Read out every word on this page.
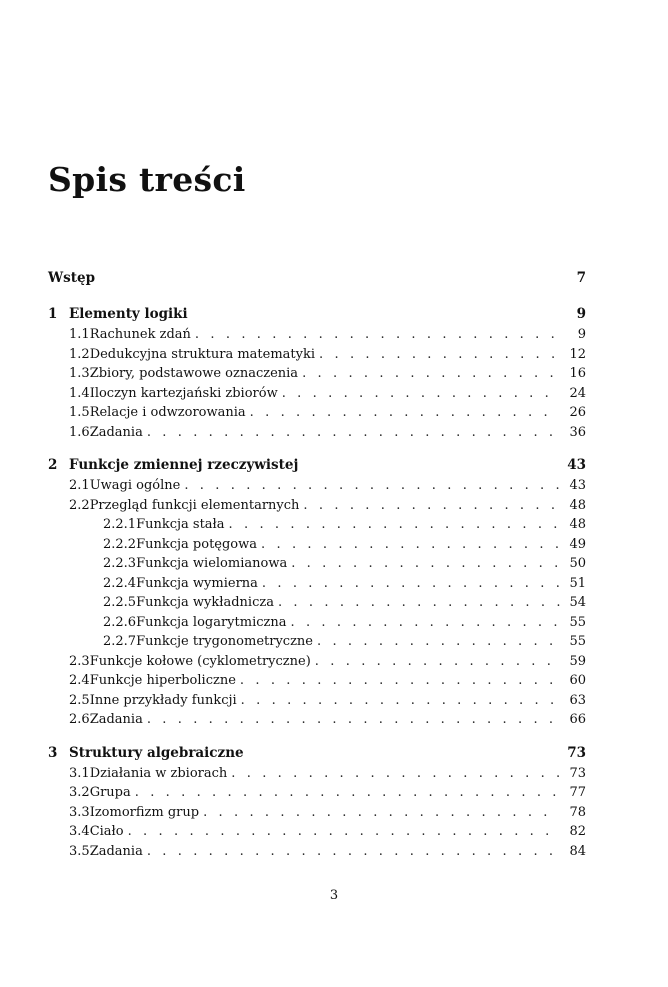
Spis treści
Wstęp	7
1 Elementy logiki	9
1.1 Rachunek zdań . . .	9
1.2 Dedukcyjna struktura matematyki . . .	12
1.3 Zbiory, podstawowe oznaczenia . . .	16
1.4 Iloczyn kartezjański zbiorów . . .	24
1.5 Relacje i odwzorowania . . .	26
1.6 Zadania . . .	36
2 Funkcje zmiennej rzeczywistej	43
2.1 Uwagi ogólne . . .	43
2.2 Przegląd funkcji elementarnych . . .	48
2.2.1 Funkcja stała . . .	48
2.2.2 Funkcja potęgowa . . .	49
2.2.3 Funkcja wielomianowa . . .	50
2.2.4 Funkcja wymierna . . .	51
2.2.5 Funkcja wykładnicza . . .	54
2.2.6 Funkcja logarytmiczna . . .	55
2.2.7 Funkcje trygonometryczne . . .	55
2.3 Funkcje kołowe (cyklometryczne) . . .	59
2.4 Funkcje hiperboliczne . . .	60
2.5 Inne przykłady funkcji . . .	63
2.6 Zadania . . .	66
3 Struktury algebraiczne	73
3.1 Działania w zbiorach . . .	73
3.2 Grupa . . .	77
3.3 Izomorfizm grup . . .	78
3.4 Ciało . . .	82
3.5 Zadania . . .	84
3
